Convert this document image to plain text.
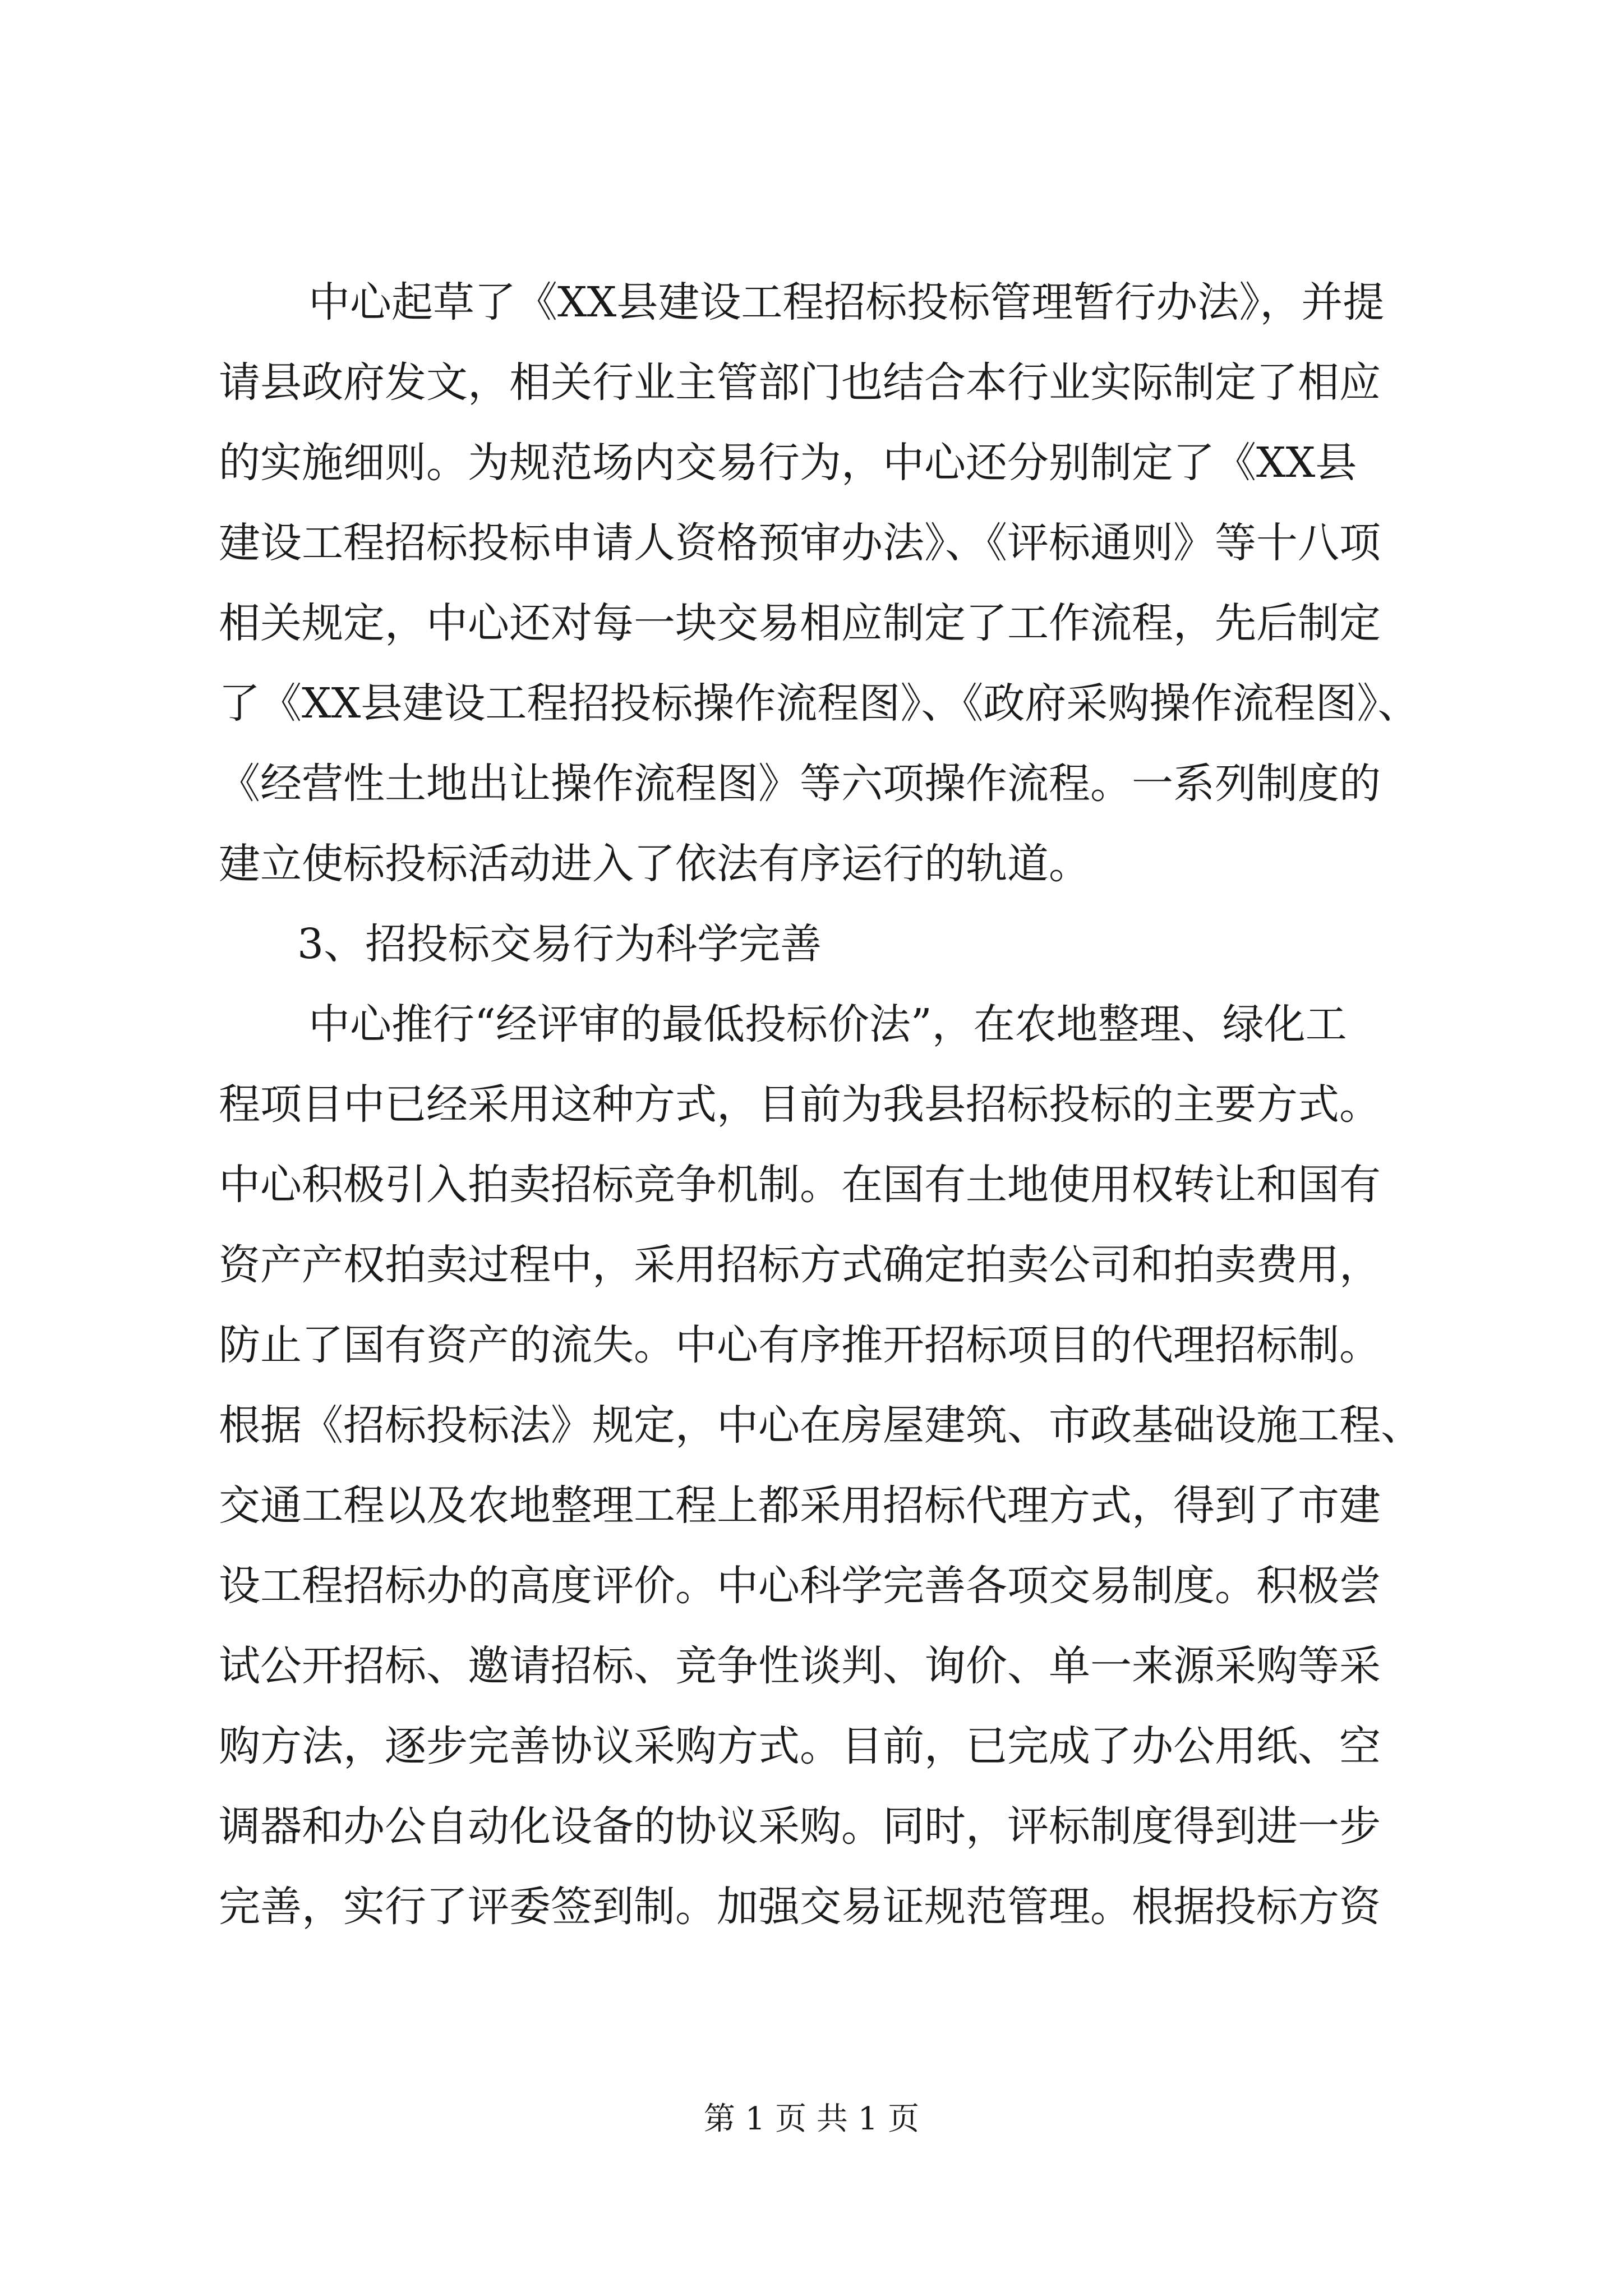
中心起草了《XX县建设工程招标投标管理暂行办法》，并提
请县政府发文，相关行业主管部门也结合本行业实际制定了相应
的实施细则。为规范场内交易行为，中心还分别制定了《XX县
建设工程招标投标申请人资格预审办法》、《评标通则》等十八项
相关规定，中心还对每一块交易相应制定了工作流程，先后制定
了《XX县建设工程招投标操作流程图》、《政府采购操作流程图》、
《经营性土地出让操作流程图》等六项操作流程。一系列制度的
建立使标投标活动进入了依法有序运行的轨道。
3、招投标交易行为科学完善
中心推行“经评审的最低投标价法”，在农地整理、绿化工
程项目中已经采用这种方式，目前为我县招标投标的主要方式。
中心积极引入拍卖招标竞争机制。在国有土地使用权转让和国有
资产产权拍卖过程中，采用招标方式确定拍卖公司和拍卖费用，
防止了国有资产的流失。中心有序推开招标项目的代理招标制。
根据《招标投标法》规定，中心在房屋建筑、市政基础设施工程、
交通工程以及农地整理工程上都采用招标代理方式，得到了市建
设工程招标办的高度评价。中心科学完善各项交易制度。积极尝
试公开招标、邀请招标、竞争性谈判、询价、单一来源采购等采
购方法，逐步完善协议采购方式。目前，已完成了办公用纸、空
调器和办公自动化设备的协议采购。同时，评标制度得到进一步
完善，实行了评委签到制。加强交易证规范管理。根据投标方资
第 1 页 共 1 页
